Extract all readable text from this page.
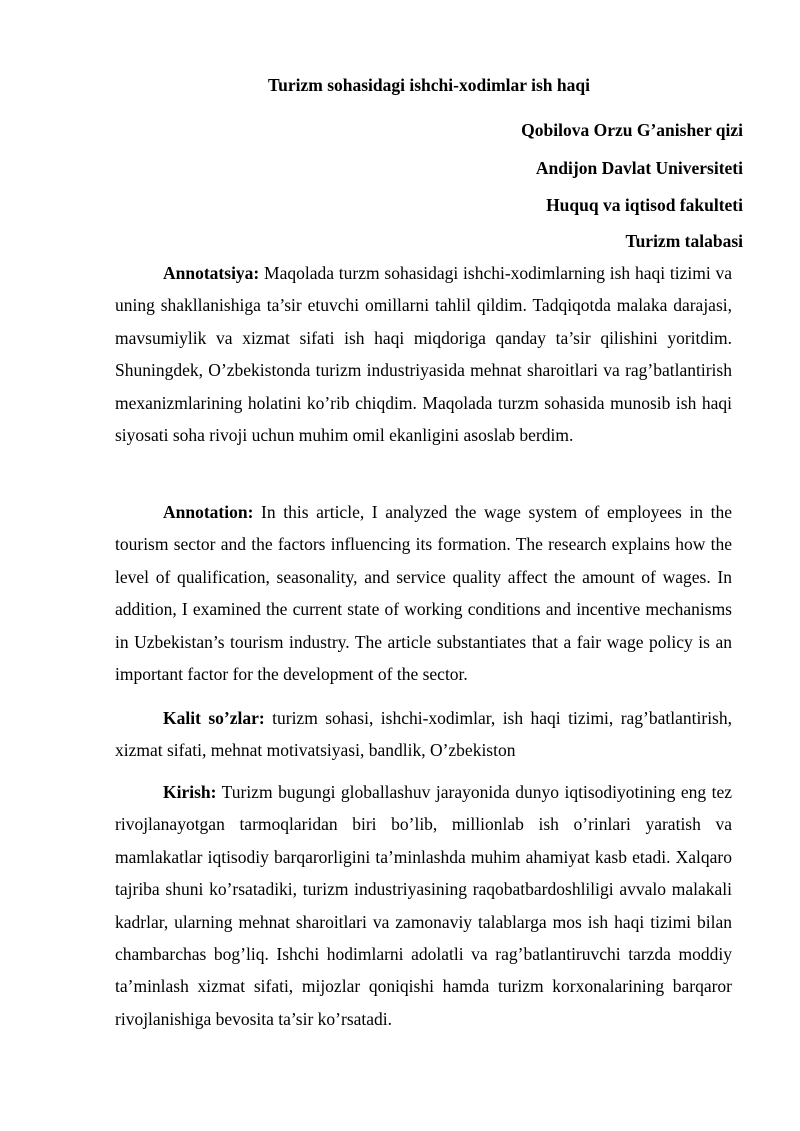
Turizm sohasidagi ishchi-xodimlar ish haqi

Qobilova Orzu G’anisher qizi

Andijon Davlat Universiteti

Huquq va iqtisod fakulteti

Turizm talabasi

Annotatsiya: Maqolada turzm sohasidagi ishchi-xodimlarning ish haqi tizimi va uning shakllanishiga ta’sir etuvchi omillarni tahlil qildim. Tadqiqotda malaka darajasi, mavsumiylik va xizmat sifati ish haqi miqdoriga qanday ta’sir qilishini yoritdim. Shuningdek, O’zbekistonda turizm industriyasida mehnat sharoitlari va rag’batlantirish mexanizmlarining holatini ko’rib chiqdim. Maqolada turzm sohasida munosib ish haqi siyosati soha rivoji uchun muhim omil ekanligini asoslab berdim.

Annotation: In this article, I analyzed the wage system of employees in the tourism sector and the factors influencing its formation. The research explains how the level of qualification, seasonality, and service quality affect the amount of wages. In addition, I examined the current state of working conditions and incentive mechanisms in Uzbekistan’s tourism industry. The article substantiates that a fair wage policy is an important factor for the development of the sector.

Kalit so’zlar: turizm sohasi, ishchi-xodimlar, ish haqi tizimi, rag’batlantirish, xizmat sifati, mehnat motivatsiyasi, bandlik, O’zbekiston

Kirish: Turizm bugungi globallashuv jarayonida dunyo iqtisodiyotining eng tez rivojlanayotgan tarmoqlaridan biri bo’lib, millionlab ish o’rinlari yaratish va mamlakatlar iqtisodiy barqarorligini ta’minlashda muhim ahamiyat kasb etadi. Xalqaro tajriba shuni ko’rsatadiki, turizm industriyasining raqobatbardoshliligi avvalo malakali kadrlar, ularning mehnat sharoitlari va zamonaviy talablarga mos ish haqi tizimi bilan chambarchas bog’liq. Ishchi hodimlarni adolatli va rag’batlantiruvchi tarzda moddiy ta’minlash xizmat sifati, mijozlar qoniqishi hamda turizm korxonalarining barqaror rivojlanishiga bevosita ta’sir ko’rsatadi.
